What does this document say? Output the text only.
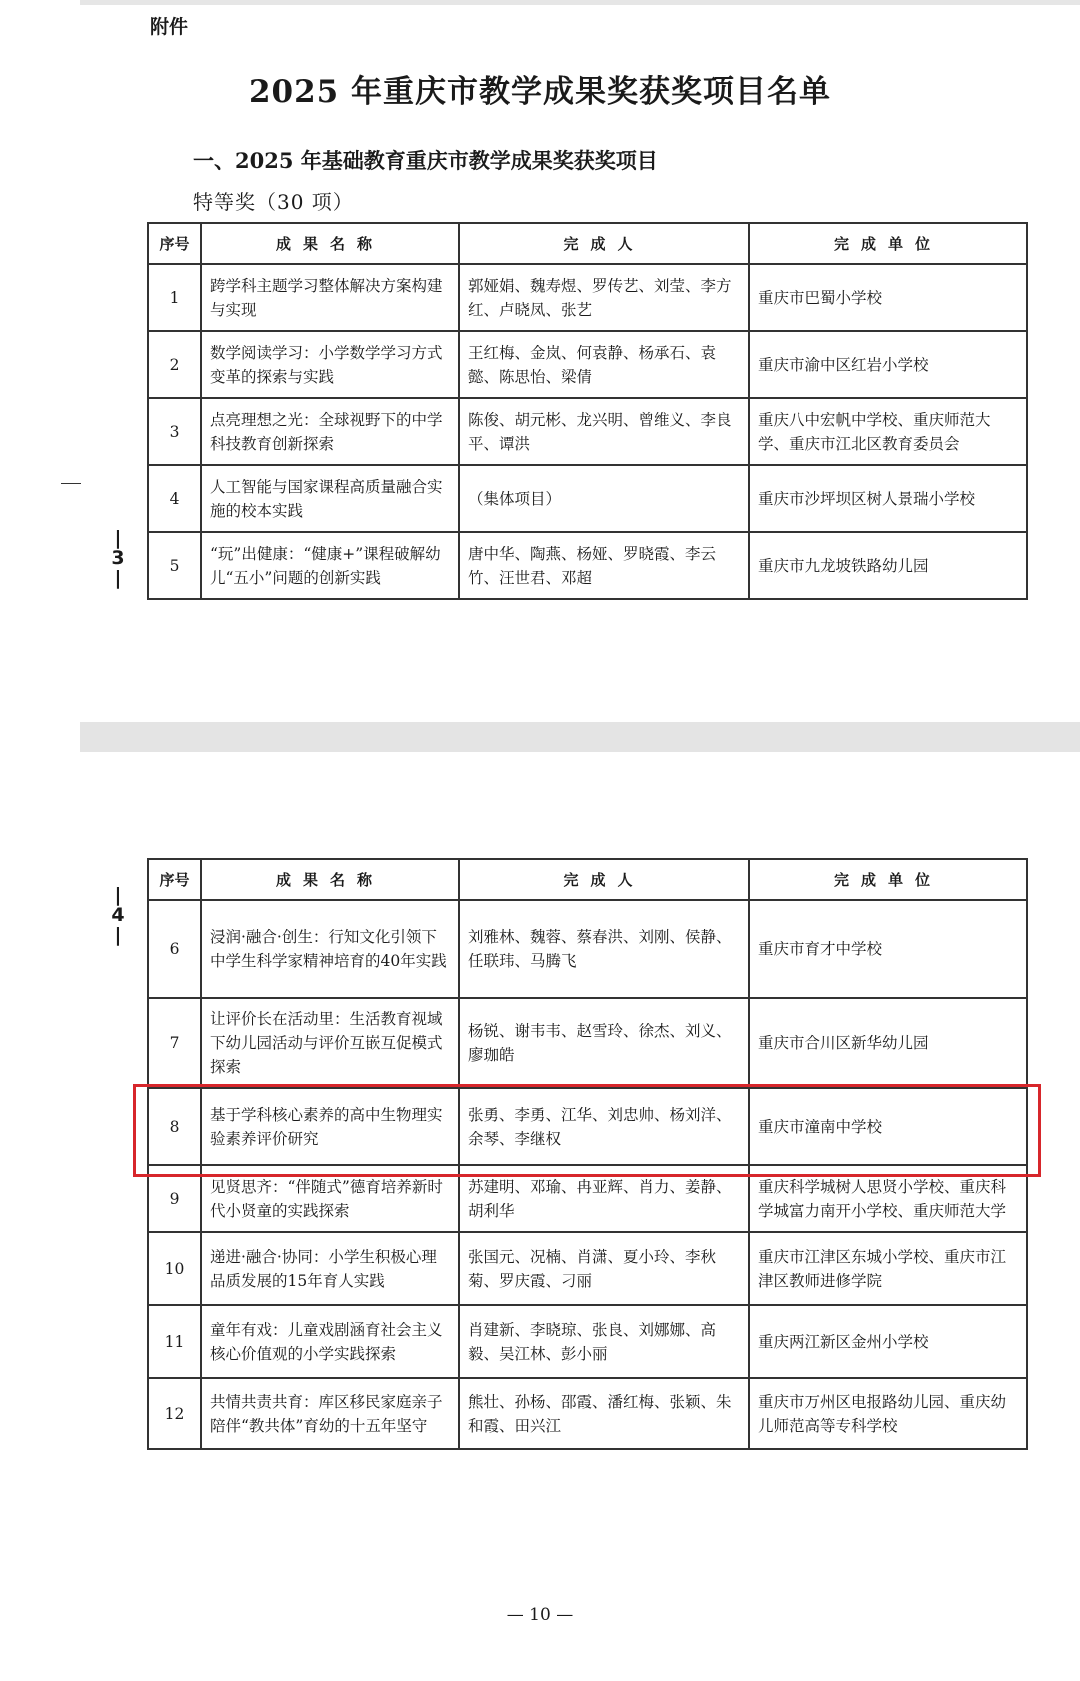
附件
2025 年重庆市教学成果奖获奖项目名单
一、2025 年基础教育重庆市教学成果奖获奖项目
特等奖（30 项）
|
3
|
序号	成果名称	完成人	完成单位
1	跨学科主题学习整体解决方案构建与实现	郭娅娟、魏寿煜、罗传艺、刘莹、李方红、卢晓凤、张艺	重庆市巴蜀小学校
2	数学阅读学习：小学数学学习方式变革的探索与实践	王红梅、金岚、何袁静、杨承石、袁懿、陈思怡、梁倩	重庆市渝中区红岩小学校
3	点亮理想之光：全球视野下的中学科技教育创新探索	陈俊、胡元彬、龙兴明、曾维义、李良平、谭洪	重庆八中宏帆中学校、重庆师范大学、重庆市江北区教育委员会
4	人工智能与国家课程高质量融合实施的校本实践	（集体项目）	重庆市沙坪坝区树人景瑞小学校
5	“玩”出健康：“健康+”课程破解幼儿“五小”问题的创新实践	唐中华、陶燕、杨娅、罗晓霞、李云竹、汪世君、邓超	重庆市九龙坡铁路幼儿园
|
4
|
序号	成果名称	完成人	完成单位
6	浸润·融合·创生：行知文化引领下中学生科学家精神培育的40年实践	刘雅林、魏蓉、蔡春洪、刘刚、侯静、任联玮、马腾飞	重庆市育才中学校
7	让评价长在活动里：生活教育视域下幼儿园活动与评价互嵌互促模式探索	杨锐、谢韦韦、赵雪玲、徐杰、刘义、廖珈皓	重庆市合川区新华幼儿园
8	基于学科核心素养的高中生物理实验素养评价研究	张勇、李勇、江华、刘忠帅、杨刘洋、余琴、李继权	重庆市潼南中学校
9	见贤思齐：“伴随式”德育培养新时代小贤童的实践探索	苏建明、邓瑜、冉亚辉、肖力、姜静、胡利华	重庆科学城树人思贤小学校、重庆科学城富力南开小学校、重庆师范大学
10	递进·融合·协同：小学生积极心理品质发展的15年育人实践	张国元、况楠、肖潇、夏小玲、李秋菊、罗庆霞、刁丽	重庆市江津区东城小学校、重庆市江津区教师进修学院
11	童年有戏：儿童戏剧涵育社会主义核心价值观的小学实践探索	肖建新、李晓琼、张良、刘娜娜、高毅、吴江林、彭小丽	重庆两江新区金州小学校
12	共情共责共育：库区移民家庭亲子陪伴“教共体”育幼的十五年坚守	熊壮、孙杨、邵霞、潘红梅、张颖、朱和霞、田兴江	重庆市万州区电报路幼儿园、重庆幼儿师范高等专科学校
— 10 —
